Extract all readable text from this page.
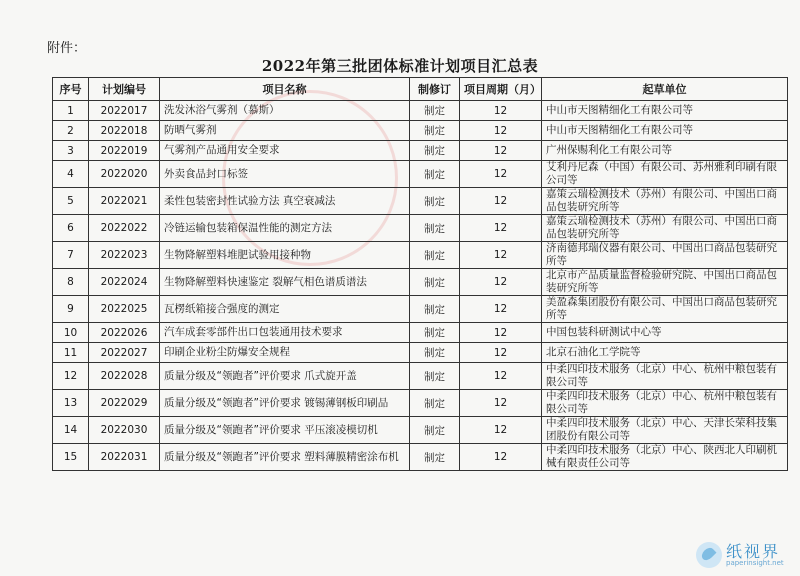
附件：
2022年第三批团体标准计划项目汇总表
序号	计划编号	项目名称	制修订	项目周期（月）	起草单位
1	2022017	洗发沐浴气雾剂（慕斯）	制定	12	中山市天图精细化工有限公司等
2	2022018	防晒气雾剂	制定	12	中山市天图精细化工有限公司等
3	2022019	气雾剂产品通用安全要求	制定	12	广州保赐利化工有限公司等
4	2022020	外卖食品封口标签	制定	12	艾利丹尼森（中国）有限公司、苏州雅利印刷有限公司等
5	2022021	柔性包装密封性试验方法 真空衰减法	制定	12	嘉策云瑞检测技术（苏州）有限公司、中国出口商品包装研究所等
6	2022022	冷链运输包装箱保温性能的测定方法	制定	12	嘉策云瑞检测技术（苏州）有限公司、中国出口商品包装研究所等
7	2022023	生物降解塑料堆肥试验用接种物	制定	12	济南德邦瑞仪器有限公司、中国出口商品包装研究所等
8	2022024	生物降解塑料快速鉴定 裂解气相色谱质谱法	制定	12	北京市产品质量监督检验研究院、中国出口商品包装研究所等
9	2022025	瓦楞纸箱接合强度的测定	制定	12	美盈森集团股份有限公司、中国出口商品包装研究所等
10	2022026	汽车成套零部件出口包装通用技术要求	制定	12	中国包装科研测试中心等
11	2022027	印刷企业粉尘防爆安全规程	制定	12	北京石油化工学院等
12	2022028	质量分级及“领跑者”评价要求 爪式旋开盖	制定	12	中柔四印技术服务（北京）中心、杭州中粮包装有限公司等
13	2022029	质量分级及“领跑者”评价要求 镀锡薄钢板印刷品	制定	12	中柔四印技术服务（北京）中心、杭州中粮包装有限公司等
14	2022030	质量分级及“领跑者”评价要求 平压滚凌模切机	制定	12	中柔四印技术服务（北京）中心、天津长荣科技集团股份有限公司等
15	2022031	质量分级及“领跑者”评价要求 塑料薄膜精密涂布机	制定	12	中柔四印技术服务（北京）中心、陕西北人印刷机械有限责任公司等
纸视界
paperinsight.net
